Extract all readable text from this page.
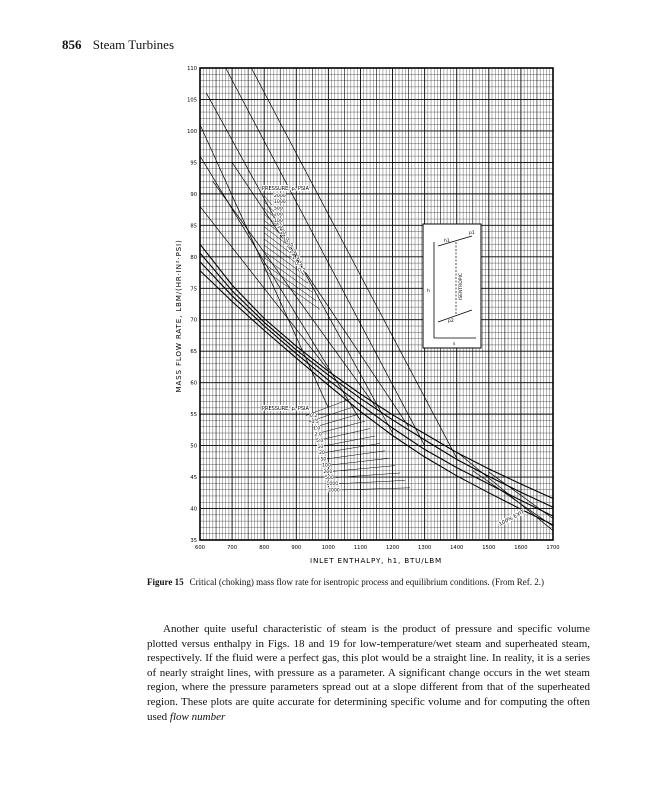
856 Steam Turbines
35
40
45
50
55
60
65
70
75
80
85
90
95
100
105
110
600	700	800	900	1000	1100	1200	1300	1400	1500	1600	1700
MASS FLOW RATE, LBM/(HR·IN²·PSI)
INLET ENTHALPY, h1, BTU/LBM
PRESSURE, p, PSIA
2000
1000
500
200
100
50
20
10
5.0
2.0
1.0
0.5
0.2
PRESSURE, p, PSIA
0.2
0.5
1.0
2.0
5.0
10
20
50
100
200
500
1000
2000
100% EXIT
h1
p1
p2
s
h	ISENTROPIC
Figure 15 Critical (choking) mass flow rate for isentropic process and equilibrium conditions. (From Ref. 2.)

Another quite useful characteristic of steam is the product of pressure and specific volume plotted versus enthalpy in Figs. 18 and 19 for low-temperature/wet steam and superheated steam, respectively. If the fluid were a perfect gas, this plot would be a straight line. In reality, it is a series of nearly straight lines, with pressure as a parameter. A significant change occurs in the wet steam region, where the pressure parameters spread out at a slope different from that of the superheated region. These plots are quite accurate for determining specific volume and for computing the often used flow number
